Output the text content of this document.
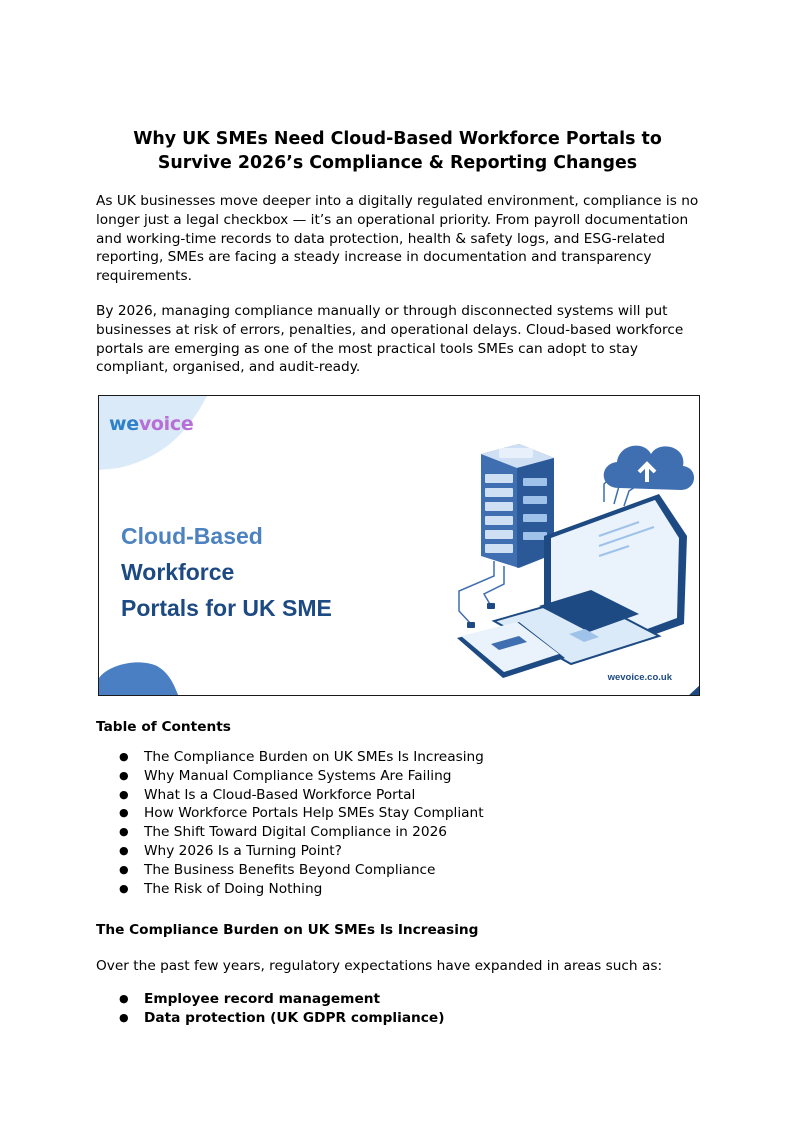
Why UK SMEs Need Cloud-Based Workforce Portals to
Survive 2026’s Compliance & Reporting Changes

As UK businesses move deeper into a digitally regulated environment, compliance is no
longer just a legal checkbox — it’s an operational priority. From payroll documentation
and working-time records to data protection, health & safety logs, and ESG-related
reporting, SMEs are facing a steady increase in documentation and transparency
requirements.

By 2026, managing compliance manually or through disconnected systems will put
businesses at risk of errors, penalties, and operational delays. Cloud-based workforce
portals are emerging as one of the most practical tools SMEs can adopt to stay
compliant, organised, and audit-ready.

wevoice
Cloud-Based
Workforce
Portals for UK SME
wevoice.co.uk
Table of Contents
● The Compliance Burden on UK SMEs Is Increasing
● Why Manual Compliance Systems Are Failing
● What Is a Cloud-Based Workforce Portal
● How Workforce Portals Help SMEs Stay Compliant
● The Shift Toward Digital Compliance in 2026
● Why 2026 Is a Turning Point?
● The Business Benefits Beyond Compliance
● The Risk of Doing Nothing
The Compliance Burden on UK SMEs Is Increasing

Over the past few years, regulatory expectations have expanded in areas such as:

● Employee record management
● Data protection (UK GDPR compliance)
